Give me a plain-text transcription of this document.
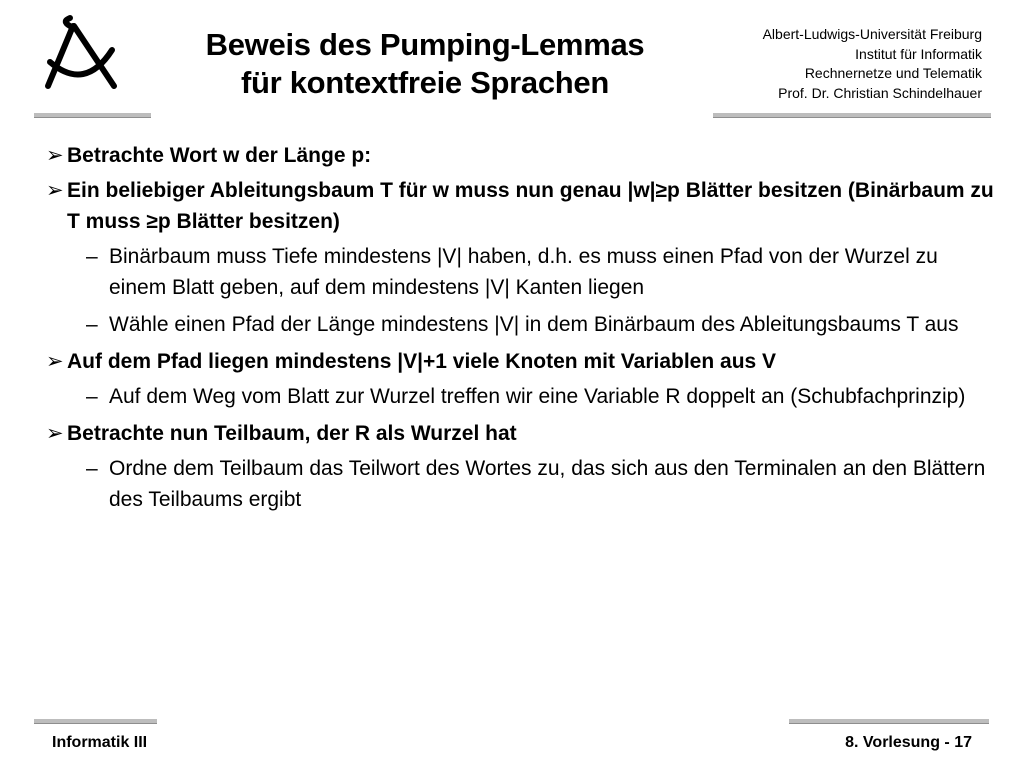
Beweis des Pumping-Lemmas
für kontextfreie Sprachen
Albert-Ludwigs-Universität Freiburg
Institut für Informatik
Rechnernetze und Telematik
Prof. Dr. Christian Schindelhauer
➢ Betrachte Wort w der Länge p:
➢ Ein beliebiger Ableitungsbaum T für w muss nun genau |w|≥p Blätter besitzen (Binärbaum zu T muss ≥p Blätter besitzen)
– Binärbaum muss Tiefe mindestens |V| haben, d.h. es muss einen Pfad von der Wurzel zu einem Blatt geben, auf dem mindestens |V| Kanten liegen
– Wähle einen Pfad der Länge mindestens |V| in dem Binärbaum des Ableitungsbaums T aus
➢ Auf dem Pfad liegen mindestens |V|+1 viele Knoten mit Variablen aus V
– Auf dem Weg vom Blatt zur Wurzel treffen wir eine Variable R doppelt an (Schubfachprinzip)
➢ Betrachte nun Teilbaum, der R als Wurzel hat
– Ordne dem Teilbaum das Teilwort des Wortes zu, das sich aus den Terminalen an den Blättern des Teilbaums ergibt
Informatik III	8. Vorlesung - 17
